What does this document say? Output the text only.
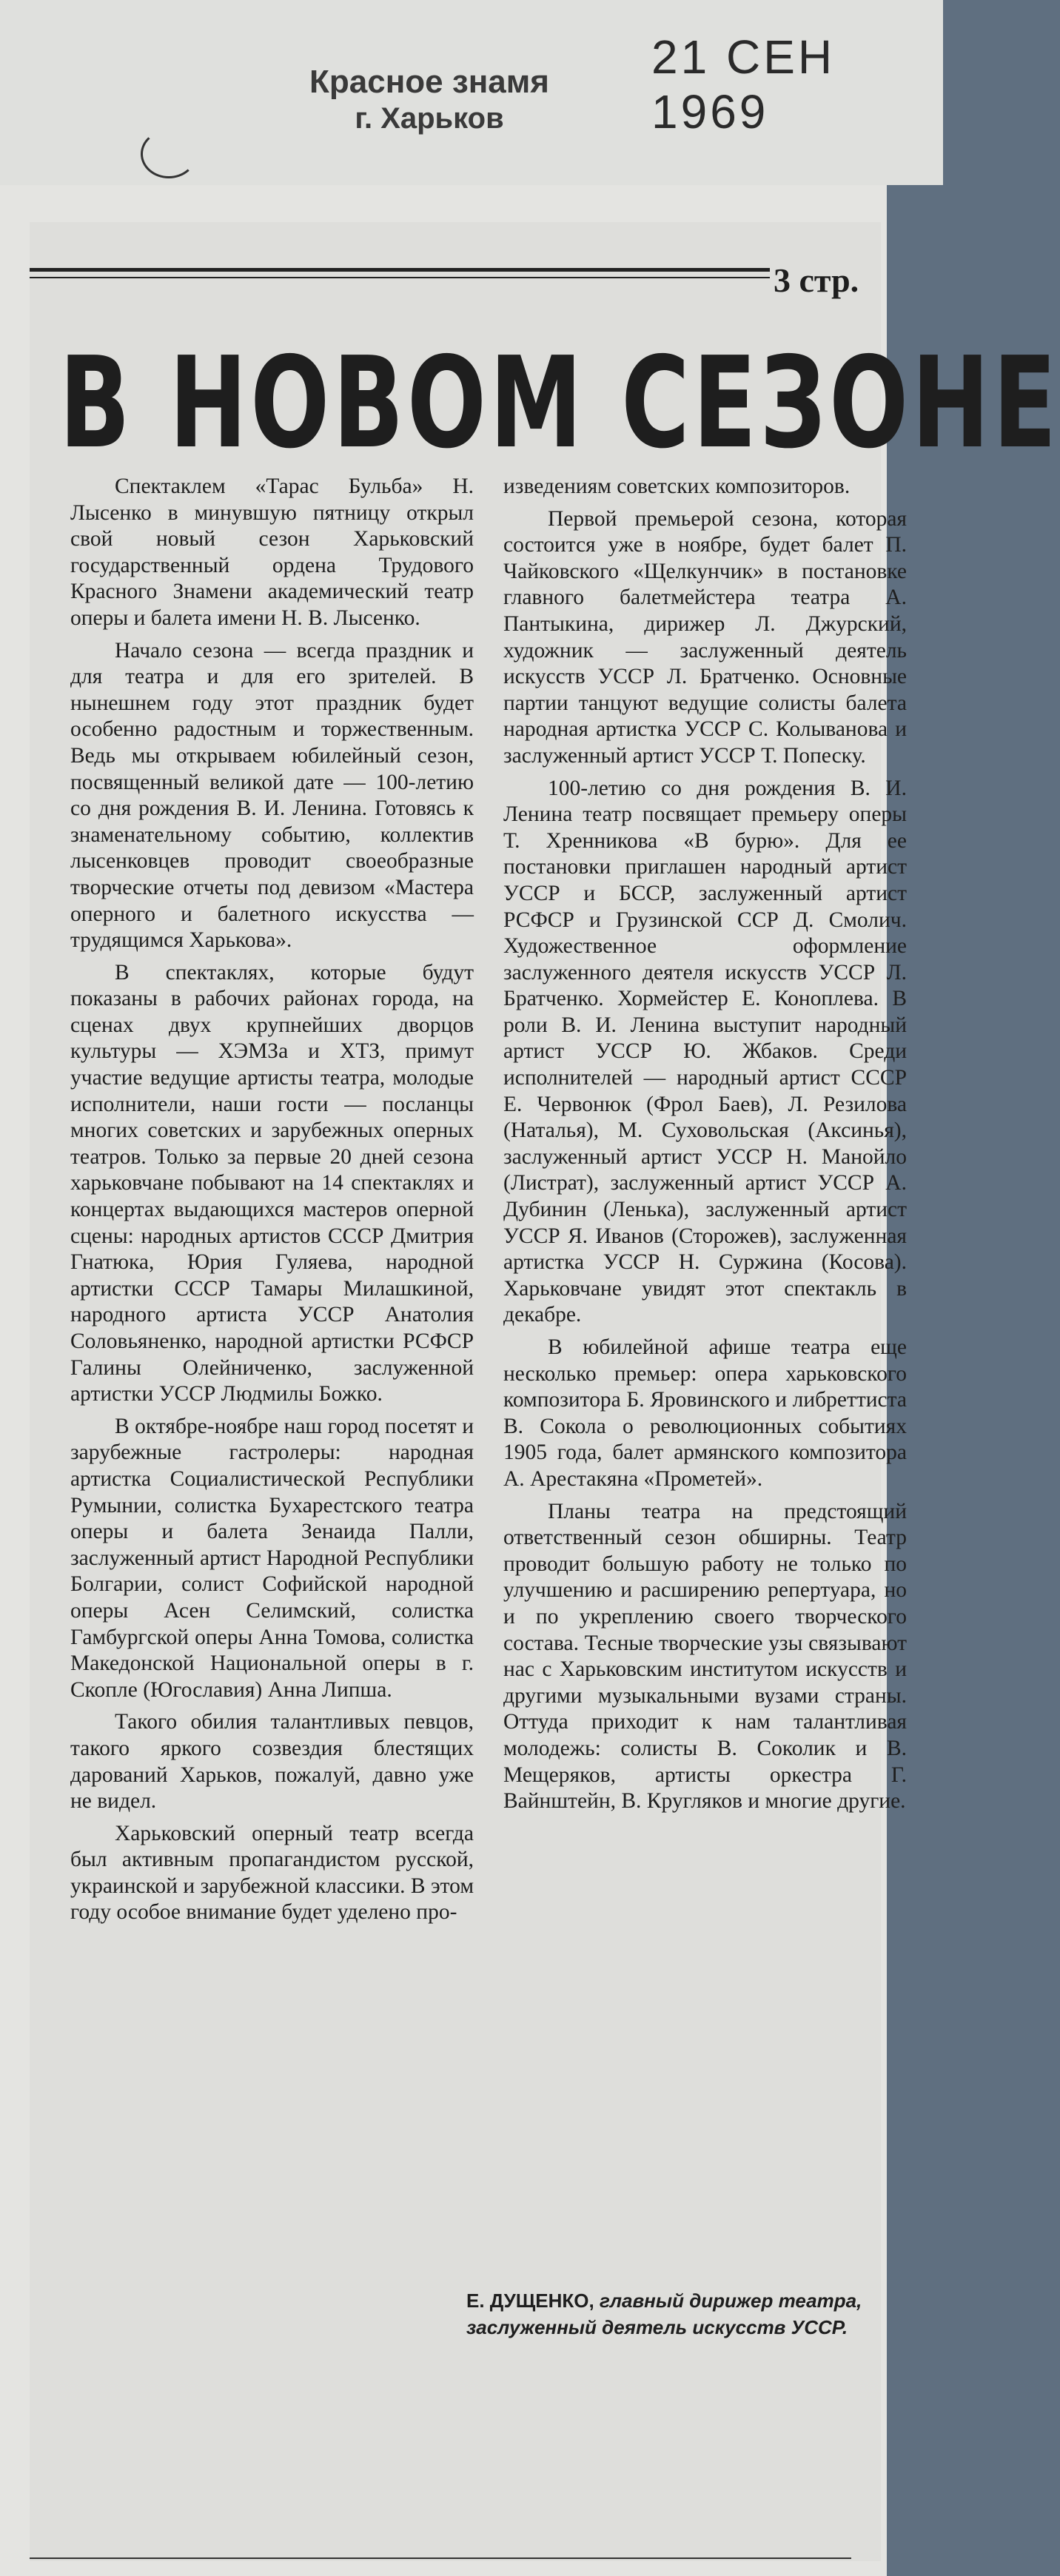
21 СЕН 1969
Красное знамя
г. Харьков
3 стр.
В НОВОМ СЕЗОНЕ

Спектаклем «Тарас Бульба» Н. Лысенко в минувшую пятницу открыл свой новый сезон Харьковский государственный ордена Трудового Красного Знамени академический театр оперы и балета имени Н. В. Лысенко.

Начало сезона — всегда праздник и для театра и для его зрителей. В нынешнем году этот праздник будет особенно радостным и торжественным. Ведь мы открываем юбилейный сезон, посвященный великой дате — 100-летию со дня рождения В. И. Ленина. Готовясь к знаменательному событию, коллектив лысенковцев проводит своеобразные творческие отчеты под девизом «Мастера оперного и балетного искусства — трудящимся Харькова».

В спектаклях, которые будут показаны в рабочих районах города, на сценах двух крупнейших дворцов культуры — ХЭМЗа и ХТЗ, примут участие ведущие артисты театра, молодые исполнители, наши гости — посланцы многих советских и зарубежных оперных театров. Только за первые 20 дней сезона харьковчане побывают на 14 спектаклях и концертах выдающихся мастеров оперной сцены: народных артистов СССР Дмитрия Гнатюка, Юрия Гуляева, народной артистки СССР Тамары Милашкиной, народного артиста УССР Анатолия Соловьяненко, народной артистки РСФСР Галины Олейниченко, заслуженной артистки УССР Людмилы Божко.

В октябре-ноябре наш город посетят и зарубежные гастролеры: народная артистка Социалистической Республики Румынии, солистка Бухарестского театра оперы и балета Зенаида Палли, заслуженный артист Народной Республики Болгарии, солист Софийской народной оперы Асен Селимский, солистка Гамбургской оперы Анна Томова, солистка Македонской Национальной оперы в г. Скопле (Югославия) Анна Липша.

Такого обилия талантливых певцов, такого яркого созвездия блестящих дарований Харьков, пожалуй, давно уже не видел.

Харьковский оперный театр всегда был активным пропагандистом русской, украинской и зарубежной классики. В этом году особое внимание будет уделено про-

изведениям советских композиторов.

Первой премьерой сезона, которая состоится уже в ноябре, будет балет П. Чайковского «Щелкунчик» в постановке главного балетмейстера театра А. Пантыкина, дирижер Л. Джурский, художник — заслуженный деятель искусств УССР Л. Братченко. Основные партии танцуют ведущие солисты балета народная артистка УССР С. Колыванова и заслуженный артист УССР Т. Попеску.

100-летию со дня рождения В. И. Ленина театр посвящает премьеру оперы Т. Хренникова «В бурю». Для ее постановки приглашен народный артист УССР и БССР, заслуженный артист РСФСР и Грузинской ССР Д. Смолич. Художественное оформление заслуженного деятеля искусств УССР Л. Братченко. Хормейстер Е. Коноплева. В роли В. И. Ленина выступит народный артист УССР Ю. Жбаков. Среди исполнителей — народный артист СССР Е. Червонюк (Фрол Баев), Л. Резилова (Наталья), М. Суховольская (Аксинья), заслуженный артист УССР Н. Манойло (Листрат), заслуженный артист УССР А. Дубинин (Ленька), заслуженный артист УССР Я. Иванов (Сторожев), заслуженная артистка УССР Н. Суржина (Косова). Харьковчане увидят этот спектакль в декабре.

В юбилейной афише театра еще несколько премьер: опера харьковского композитора Б. Яровинского и либреттиста В. Сокола о революционных событиях 1905 года, балет армянского композитора А. Арестакяна «Прометей».

Планы театра на предстоящий ответственный сезон обширны. Театр проводит большую работу не только по улучшению и расширению репертуара, но и по укреплению своего творческого состава. Тесные творческие узы связывают нас с Харьковским институтом искусств и другими музыкальными вузами страны. Оттуда приходит к нам талантливая молодежь: солисты В. Соколик и В. Мещеряков, артисты оркестра Г. Вайнштейн, В. Кругляков и многие другие.

Е. ДУЩЕНКО, главный дирижер театра, заслуженный деятель искусств УССР.
